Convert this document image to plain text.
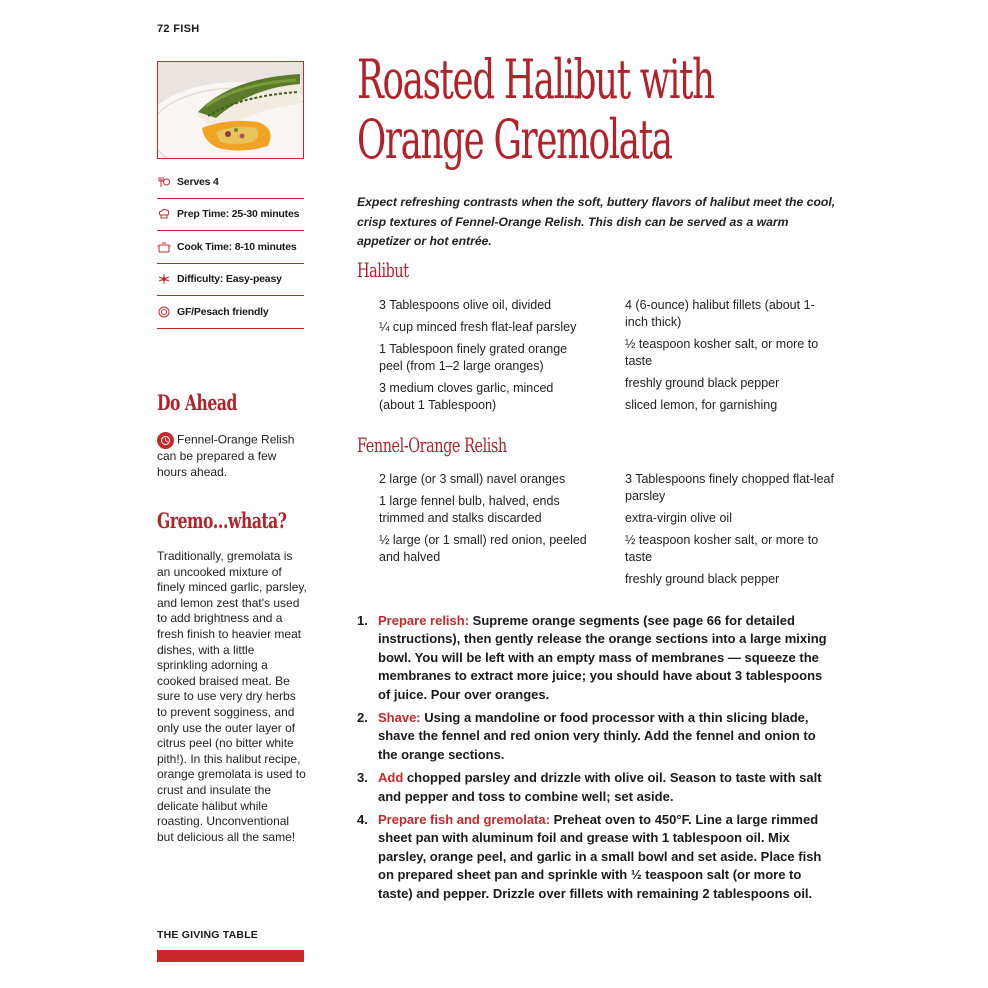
72 FISH
Serves 4
Prep Time: 25-30 minutes
Cook Time: 8-10 minutes
Difficulty: Easy-peasy
GF/Pesach friendly
Do Ahead
Fennel-Orange Relish can be prepared a few hours ahead.
Gremo…whata?
Traditionally, gremolata is an uncooked mixture of finely minced garlic, parsley, and lemon zest that's used to add brightness and a fresh finish to heavier meat dishes, with a little sprinkling adorning a cooked braised meat. Be sure to use very dry herbs to prevent sogginess, and only use the outer layer of citrus peel (no bitter white pith!). In this halibut recipe, orange gremolata is used to crust and insulate the delicate halibut while roasting. Unconventional but delicious all the same!
THE GIVING TABLE
Roasted Halibut with
Orange Gremolata

Expect refreshing contrasts when the soft, buttery flavors of halibut meet the cool, crisp textures of Fennel-Orange Relish. This dish can be served as a warm appetizer or hot entrée.

Halibut
3 Tablespoons olive oil, divided
¼ cup minced fresh flat-leaf parsley
1 Tablespoon finely grated orange peel (from 1–2 large oranges)
3 medium cloves garlic, minced (about 1 Tablespoon)
4 (6-ounce) halibut fillets (about 1-inch thick)
½ teaspoon kosher salt, or more to taste
freshly ground black pepper
sliced lemon, for garnishing
Fennel-Orange Relish
2 large (or 3 small) navel oranges
1 large fennel bulb, halved, ends trimmed and stalks discarded
½ large (or 1 small) red onion, peeled and halved
3 Tablespoons finely chopped flat-leaf parsley
extra-virgin olive oil
½ teaspoon kosher salt, or more to taste
freshly ground black pepper
1. Prepare relish: Supreme orange segments (see page 66 for detailed instructions), then gently release the orange sections into a large mixing bowl. You will be left with an empty mass of membranes — squeeze the membranes to extract more juice; you should have about 3 tablespoons of juice. Pour over oranges.
2. Shave: Using a mandoline or food processor with a thin slicing blade, shave the fennel and red onion very thinly. Add the fennel and onion to the orange sections.
3. Add chopped parsley and drizzle with olive oil. Season to taste with salt and pepper and toss to combine well; set aside.
4. Prepare fish and gremolata: Preheat oven to 450°F. Line a large rimmed sheet pan with aluminum foil and grease with 1 tablespoon oil. Mix parsley, orange peel, and garlic in a small bowl and set aside. Place fish on prepared sheet pan and sprinkle with ½ teaspoon salt (or more to taste) and pepper. Drizzle over fillets with remaining 2 tablespoons oil.
